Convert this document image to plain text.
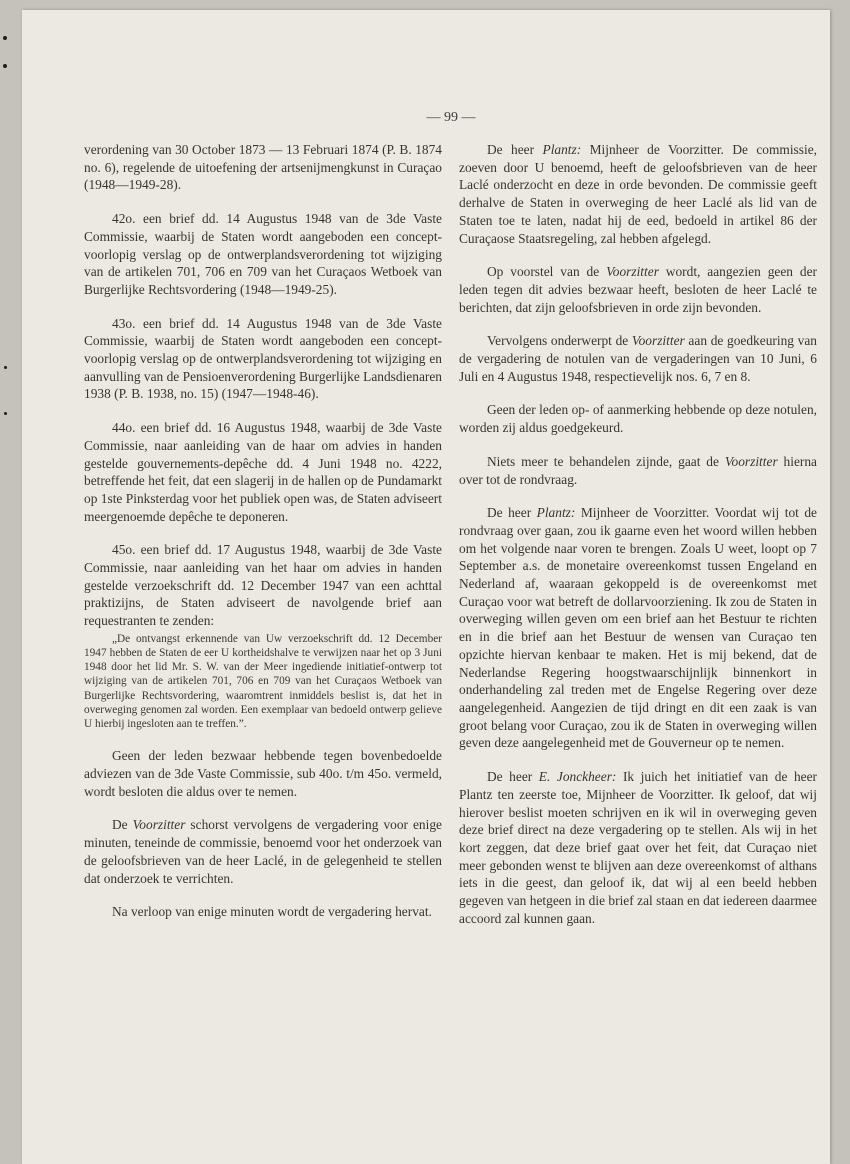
— 99 —

verordening van 30 October 1873 — 13 Februari 1874 (P. B. 1874 no. 6), regelende de uitoefening der artsenijmengkunst in Curaçao (1948—1949-28).

42o. een brief dd. 14 Augustus 1948 van de 3de Vaste Commissie, waarbij de Staten wordt aangeboden een concept-voorlopig verslag op de ontwerplandsverordening tot wijziging van de artikelen 701, 706 en 709 van het Curaçaos Wetboek van Burgerlijke Rechtsvordering (1948—1949-25).

43o. een brief dd. 14 Augustus 1948 van de 3de Vaste Commissie, waarbij de Staten wordt aangeboden een concept-voorlopig verslag op de ontwerplandsverordening tot wijziging en aanvulling van de Pensioenverordening Burgerlijke Landsdienaren 1938 (P. B. 1938, no. 15) (1947—1948-46).

44o. een brief dd. 16 Augustus 1948, waarbij de 3de Vaste Commissie, naar aanleiding van de haar om advies in handen gestelde gouvernements-depêche dd. 4 Juni 1948 no. 4222, betreffende het feit, dat een slagerij in de hallen op de Pundamarkt op 1ste Pinksterdag voor het publiek open was, de Staten adviseert meergenoemde depêche te deponeren.

45o. een brief dd. 17 Augustus 1948, waarbij de 3de Vaste Commissie, naar aanleiding van het haar om advies in handen gestelde verzoekschrift dd. 12 December 1947 van een achttal praktizijns, de Staten adviseert de navolgende brief aan requestranten te zenden:

„De ontvangst erkennende van Uw verzoekschrift dd. 12 December 1947 hebben de Staten de eer U kortheidshalve te verwijzen naar het op 3 Juni 1948 door het lid Mr. S. W. van der Meer ingediende initiatief-ontwerp tot wijziging van de artikelen 701, 706 en 709 van het Curaçaos Wetboek van Burgerlijke Rechtsvordering, waaromtrent inmiddels beslist is, dat het in overweging genomen zal worden. Een exemplaar van bedoeld ontwerp gelieve U hierbij ingesloten aan te treffen.”.

Geen der leden bezwaar hebbende tegen bovenbedoelde adviezen van de 3de Vaste Commissie, sub 40o. t/m 45o. vermeld, wordt besloten die aldus over te nemen.

De Voorzitter schorst vervolgens de vergadering voor enige minuten, teneinde de commissie, benoemd voor het onderzoek van de geloofsbrieven van de heer Laclé, in de gelegenheid te stellen dat onderzoek te verrichten.

Na verloop van enige minuten wordt de vergadering hervat.

De heer Plantz: Mijnheer de Voorzitter. De commissie, zoeven door U benoemd, heeft de geloofsbrieven van de heer Laclé onderzocht en deze in orde bevonden. De commissie geeft derhalve de Staten in overweging de heer Laclé als lid van de Staten toe te laten, nadat hij de eed, bedoeld in artikel 86 der Curaçaose Staatsregeling, zal hebben afgelegd.

Op voorstel van de Voorzitter wordt, aangezien geen der leden tegen dit advies bezwaar heeft, besloten de heer Laclé te berichten, dat zijn geloofsbrieven in orde zijn bevonden.

Vervolgens onderwerpt de Voorzitter aan de goedkeuring van de vergadering de notulen van de vergaderingen van 10 Juni, 6 Juli en 4 Augustus 1948, respectievelijk nos. 6, 7 en 8.

Geen der leden op- of aanmerking hebbende op deze notulen, worden zij aldus goedgekeurd.

Niets meer te behandelen zijnde, gaat de Voorzitter hierna over tot de rondvraag.

De heer Plantz: Mijnheer de Voorzitter. Voordat wij tot de rondvraag over gaan, zou ik gaarne even het woord willen hebben om het volgende naar voren te brengen. Zoals U weet, loopt op 7 September a.s. de monetaire overeenkomst tussen Engeland en Nederland af, waaraan gekoppeld is de overeenkomst met Curaçao voor wat betreft de dollarvoorziening. Ik zou de Staten in overweging willen geven om een brief aan het Bestuur te richten en in die brief aan het Bestuur de wensen van Curaçao ten opzichte hiervan kenbaar te maken. Het is mij bekend, dat de Nederlandse Regering hoogstwaarschijnlijk binnenkort in onderhandeling zal treden met de Engelse Regering over deze aangelegenheid. Aangezien de tijd dringt en dit een zaak is van groot belang voor Curaçao, zou ik de Staten in overweging willen geven deze aangelegenheid met de Gouverneur op te nemen.

De heer E. Jonckheer: Ik juich het initiatief van de heer Plantz ten zeerste toe, Mijnheer de Voorzitter. Ik geloof, dat wij hierover beslist moeten schrijven en ik wil in overweging geven deze brief direct na deze vergadering op te stellen. Als wij in het kort zeggen, dat deze brief gaat over het feit, dat Curaçao niet meer gebonden wenst te blijven aan deze overeenkomst of althans iets in die geest, dan geloof ik, dat wij al een beeld hebben gegeven van hetgeen in die brief zal staan en dat iedereen daarmee accoord zal kunnen gaan.
